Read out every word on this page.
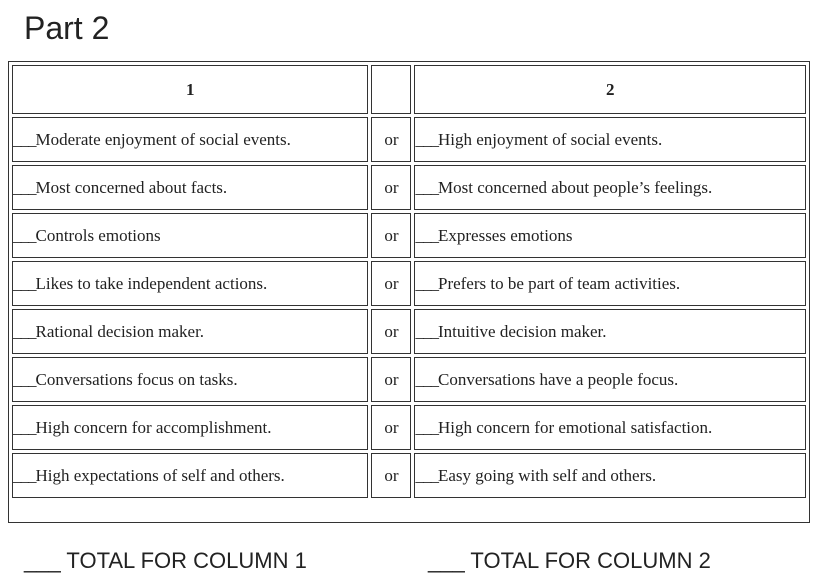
Part 2
1		2
___Moderate enjoyment of social events.	or	___High enjoyment of social events.
___Most concerned about facts.	or	___Most concerned about people’s feelings.
___Controls emotions	or	___Expresses emotions
___Likes to take independent actions.	or	___Prefers to be part of team activities.
___Rational decision maker.	or	___Intuitive decision maker.
___Conversations focus on tasks.	or	___Conversations have a people focus.
___High concern for accomplishment.	or	___High concern for emotional satisfaction.
___High expectations of self and others.	or	___Easy going with self and others.
___ TOTAL FOR COLUMN 1	___ TOTAL FOR COLUMN 2
